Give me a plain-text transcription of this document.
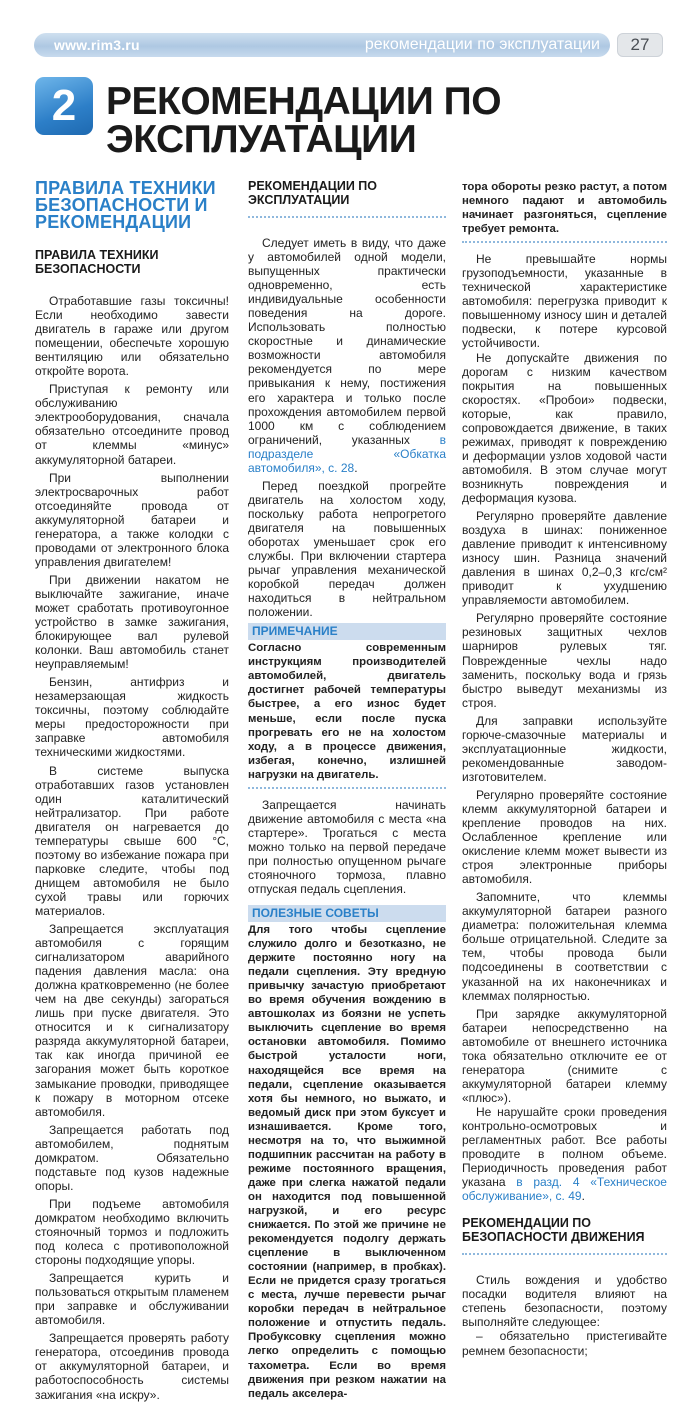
www.rim3.ru	рекомендации по эксплуатации	27
2 РЕКОМЕНДАЦИИ ПО ЭКСПЛУАТАЦИИ
ПРАВИЛА ТЕХНИКИ БЕЗОПАСНОСТИ И РЕКОМЕНДАЦИИ
ПРАВИЛА ТЕХНИКИ БЕЗОПАСНОСТИ

Отработавшие газы токсичны! Если необходимо завести двигатель в гараже или другом помещении, обеспечьте хорошую вентиляцию или обязательно откройте ворота.

Приступая к ремонту или обслуживанию электрооборудования, сначала обязательно отсоедините провод от клеммы «минус» аккумуляторной батареи.

При выполнении электросварочных работ отсоединяйте провода от аккумуляторной батареи и генератора, а также колодки с проводами от электронного блока управления двигателем!

При движении накатом не выключайте зажигание, иначе может сработать противоугонное устройство в замке зажигания, блокирующее вал рулевой колонки. Ваш автомобиль станет неуправляемым!

Бензин, антифриз и незамерзающая жидкость токсичны, поэтому соблюдайте меры предосторожности при заправке автомобиля техническими жидкостями.

В системе выпуска отработавших газов установлен один каталитический нейтрализатор. При работе двигателя он нагревается до температуры свыше 600 °С, поэтому во избежание пожара при парковке следите, чтобы под днищем автомобиля не было сухой травы или горючих материалов.

Запрещается эксплуатация автомобиля с горящим сигнализатором аварийного падения давления масла: она должна кратковременно (не более чем на две секунды) загораться лишь при пуске двигателя. Это относится и к сигнализатору разряда аккумуляторной батареи, так как иногда причиной ее загорания может быть короткое замыкание проводки, приводящее к пожару в моторном отсеке автомобиля.

Запрещается работать под автомобилем, поднятым домкратом. Обязательно подставьте под кузов надежные опоры.

При подъеме автомобиля домкратом необходимо включить стояночный тормоз и подложить под колеса с противоположной стороны подходящие упоры.

Запрещается курить и пользоваться открытым пламенем при заправке и обслуживании автомобиля.

Запрещается проверять работу генератора, отсоединив провода от аккумуляторной батареи, и работоспособность системы зажигания «на искру».

РЕКОМЕНДАЦИИ ПО ЭКСПЛУАТАЦИИ

Следует иметь в виду, что даже у автомобилей одной модели, выпущенных практически одновременно, есть индивидуальные особенности поведения на дороге. Использовать полностью скоростные и динамические возможности автомобиля рекомендуется по мере привыкания к нему, постижения его характера и только после прохождения автомобилем первой 1000 км с соблюдением ограничений, указанных в подразделе «Обкатка автомобиля», с. 28.

Перед поездкой прогрейте двигатель на холостом ходу, поскольку работа непрогретого двигателя на повышенных оборотах уменьшает срок его службы. При включении стартера рычаг управления механической коробкой передач должен находиться в нейтральном положении.

ПРИМЕЧАНИЕ

Согласно современным инструкциям производителей автомобилей, двигатель достигнет рабочей температуры быстрее, а его износ будет меньше, если после пуска прогревать его не на холостом ходу, а в процессе движения, избегая, конечно, излишней нагрузки на двигатель.

Запрещается начинать движение автомобиля с места «на стартере». Трогаться с места можно только на первой передаче при полностью опущенном рычаге стояночного тормоза, плавно отпуская педаль сцепления.

ПОЛЕЗНЫЕ СОВЕТЫ

Для того чтобы сцепление служило долго и безотказно, не держите постоянно ногу на педали сцепления. Эту вредную привычку зачастую приобретают во время обучения вождению в автошколах из боязни не успеть выключить сцепление во время остановки автомобиля. Помимо быстрой усталости ноги, находящейся все время на педали, сцепление оказывается хотя бы немного, но выжато, и ведомый диск при этом буксует и изнашивается. Кроме того, несмотря на то, что выжимной подшипник рассчитан на работу в режиме постоянного вращения, даже при слегка нажатой педали он находится под повышенной нагрузкой, и его ресурс снижается. По этой же причине не рекомендуется подолгу держать сцепление в выключенном состоянии (например, в пробках). Если не придется сразу трогаться с места, лучше перевести рычаг коробки передач в нейтральное положение и отпустить педаль. Пробуксовку сцепления можно легко определить с помощью тахометра. Если во время движения при резком нажатии на педаль акселера-

тора обороты резко растут, а потом немного падают и автомобиль начинает разгоняться, сцепление требует ремонта.

Не превышайте нормы грузоподъемности, указанные в технической характеристике автомобиля: перегрузка приводит к повышенному износу шин и деталей подвески, к потере курсовой устойчивости.

Не допускайте движения по дорогам с низким качеством покрытия на повышенных скоростях. «Пробои» подвески, которые, как правило, сопровождается движение, в таких режимах, приводят к повреждению и деформации узлов ходовой части автомобиля. В этом случае могут возникнуть повреждения и деформация кузова.

Регулярно проверяйте давление воздуха в шинах: пониженное давление приводит к интенсивному износу шин. Разница значений давления в шинах 0,2–0,3 кгс/см² приводит к ухудшению управляемости автомобилем.

Регулярно проверяйте состояние резиновых защитных чехлов шарниров рулевых тяг. Поврежденные чехлы надо заменить, поскольку вода и грязь быстро выведут механизмы из строя.

Для заправки используйте горюче-смазочные материалы и эксплуатационные жидкости, рекомендованные заводом-изготовителем.

Регулярно проверяйте состояние клемм аккумуляторной батареи и крепление проводов на них. Ослабленное крепление или окисление клемм может вывести из строя электронные приборы автомобиля.

Запомните, что клеммы аккумуляторной батареи разного диаметра: положительная клемма больше отрицательной. Следите за тем, чтобы провода были подсоединены в соответствии с указанной на их наконечниках и клеммах полярностью.

При зарядке аккумуляторной батареи непосредственно на автомобиле от внешнего источника тока обязательно отключите ее от генератора (снимите с аккумуляторной батареи клемму «плюс»).

Не нарушайте сроки проведения контрольно-осмотровых и регламентных работ. Все работы проводите в полном объеме. Периодичность проведения работ указана в разд. 4 «Техническое обслуживание», с. 49.

РЕКОМЕНДАЦИИ ПО БЕЗОПАСНОСТИ ДВИЖЕНИЯ

Стиль вождения и удобство посадки водителя влияют на степень безопасности, поэтому выполняйте следующее:

– обязательно пристегивайте ремнем безопасности;
